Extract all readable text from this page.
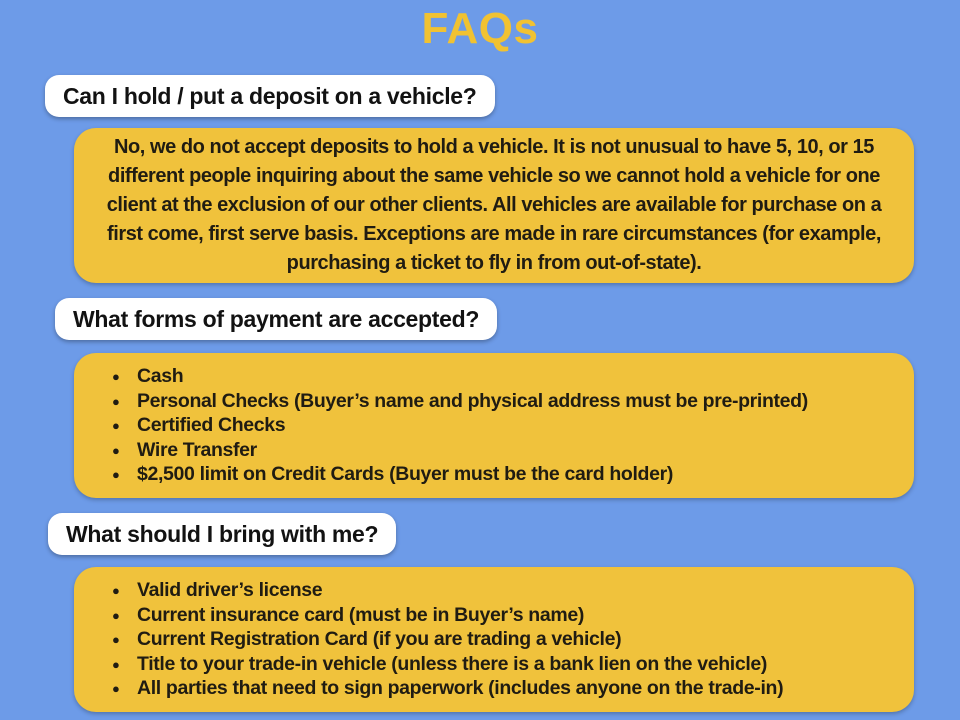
FAQs
Can I hold / put a deposit on a vehicle?

No, we do not accept deposits to hold a vehicle. It is not unusual to have 5, 10, or 15 different people inquiring about the same vehicle so we cannot hold a vehicle for one client at the exclusion of our other clients. All vehicles are available for purchase on a first come, first serve basis. Exceptions are made in rare circumstances (for example, purchasing a ticket to fly in from out-of-state).

What forms of payment are accepted?
● Cash
● Personal Checks (Buyer’s name and physical address must be pre-printed)
● Certified Checks
● Wire Transfer
● $2,500 limit on Credit Cards (Buyer must be the card holder)
What should I bring with me?
● Valid driver’s license
● Current insurance card (must be in Buyer’s name)
● Current Registration Card (if you are trading a vehicle)
● Title to your trade-in vehicle (unless there is a bank lien on the vehicle)
● All parties that need to sign paperwork (includes anyone on the trade-in)
